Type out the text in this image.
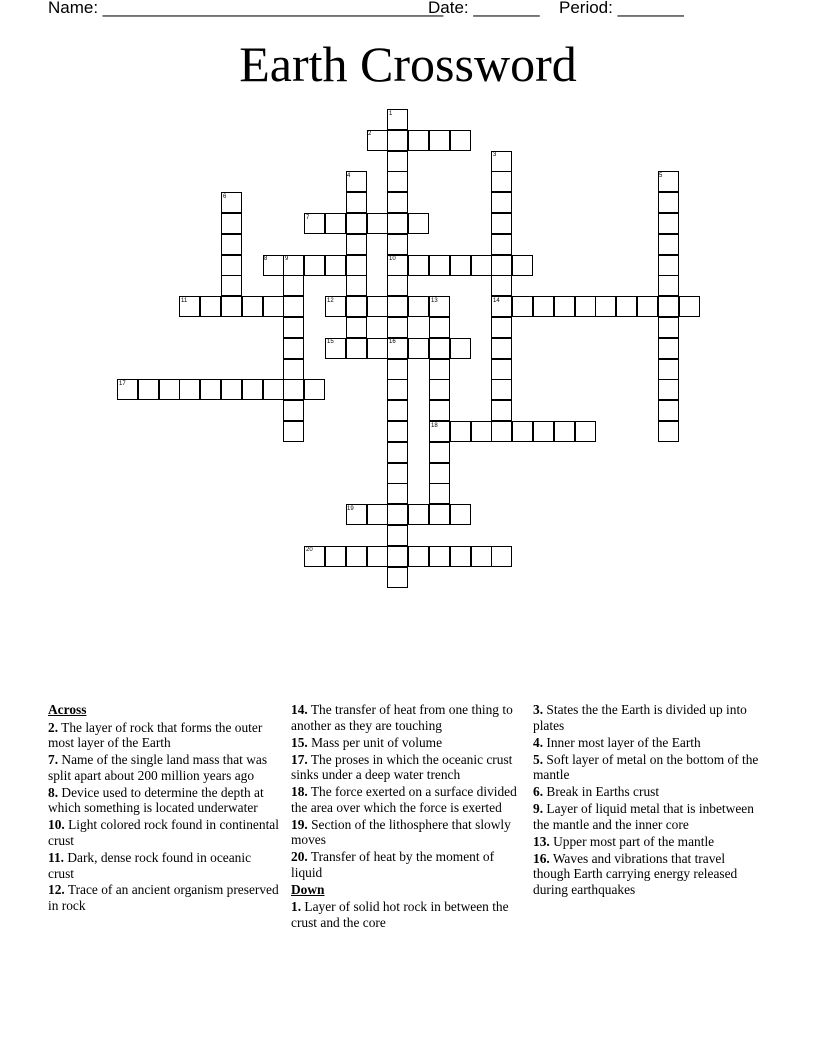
Name: ____________________________________Date: _______ Period: _______
Earth Crossword
1
2
3
4	5
6
7
8	9	10
11	12	13	14
15	16
17
18
19
20
Across
2. The layer of rock that forms the outer most layer of the Earth
7. Name of the single land mass that was split apart about 200 million years ago
8. Device used to determine the depth at which something is located underwater
10. Light colored rock found in continental crust
11. Dark, dense rock found in oceanic crust
12. Trace of an ancient organism preserved in rock
14. The transfer of heat from one thing to another as they are touching
15. Mass per unit of volume
17. The proses in which the oceanic crust sinks under a deep water trench
18. The force exerted on a surface divided the area over which the force is exerted
19. Section of the lithosphere that slowly moves
20. Transfer of heat by the moment of liquid
Down
1. Layer of solid hot rock in between the crust and the core
3. States the the Earth is divided up into plates
4. Inner most layer of the Earth
5. Soft layer of metal on the bottom of the mantle
6. Break in Earths crust
9. Layer of liquid metal that is inbetween the mantle and the inner core
13. Upper most part of the mantle
16. Waves and vibrations that travel though Earth carrying energy released during earthquakes
